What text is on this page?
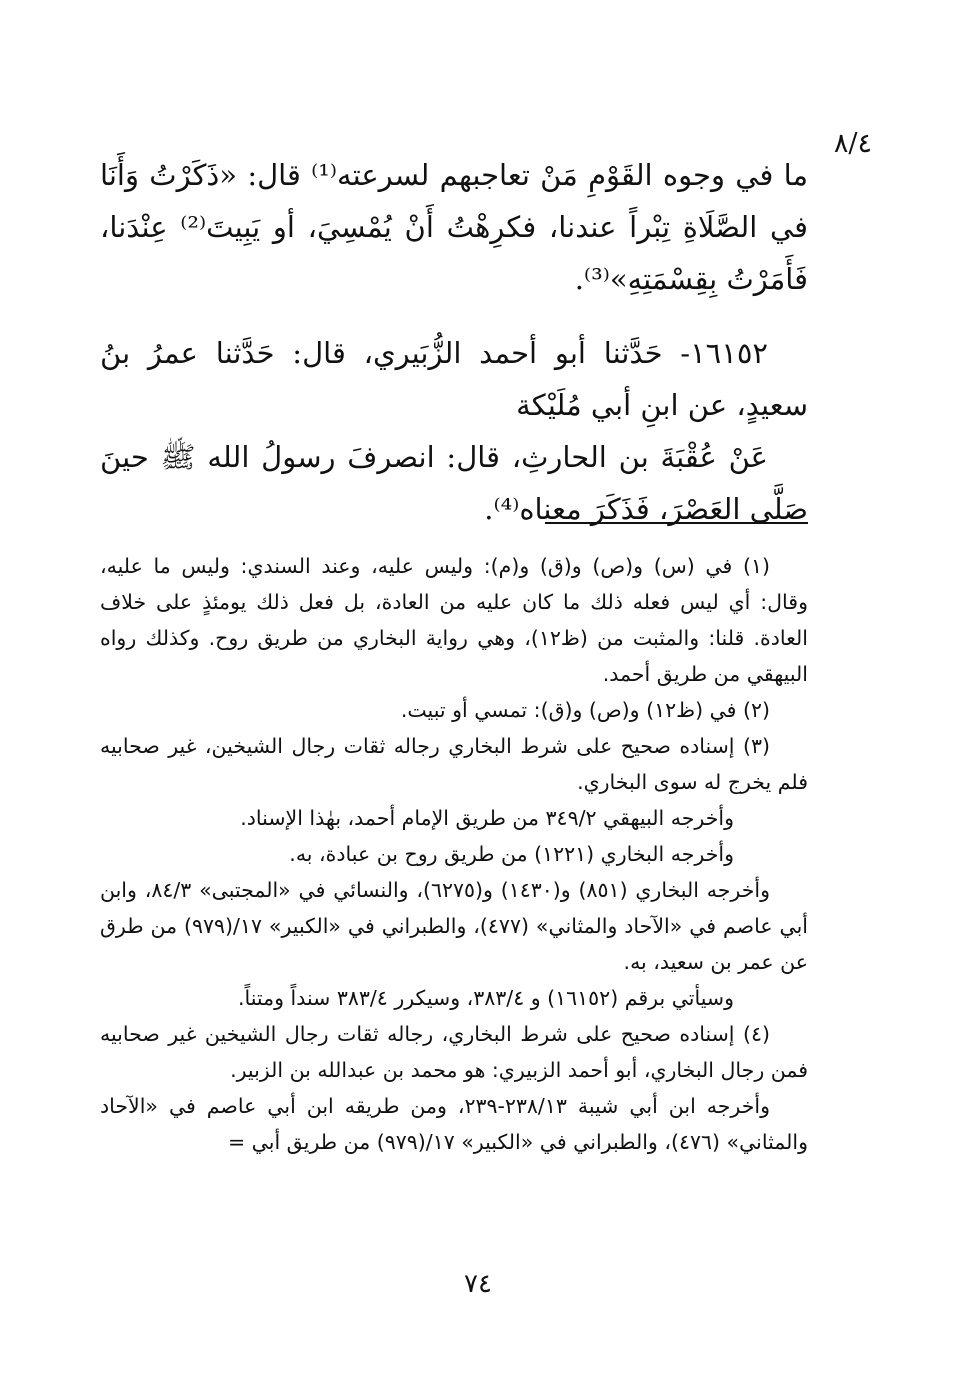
٨/٤

ما في وجوه القَوْمِ مَنْ تعاجبهم لسرعته⁽¹⁾ قال: «ذَكَرْتُ وَأَنَا في الصَّلَاةِ تِبْراً عندنا، فكرِهْتُ أَنْ يُمْسِيَ، أو يَبِيتَ⁽²⁾ عِنْدَنا، فَأَمَرْتُ بِقِسْمَتِهِ»⁽³⁾.

١٦١٥٢- حَدَّثنا أبو أحمد الزُّبَيري، قال: حَدَّثنا عمرُ بنُ سعيدٍ، عن ابنِ أبي مُلَيْكة

عَنْ عُقْبَةَ بن الحارثِ، قال: انصرفَ رسولُ الله ﷺ حينَ صَلَّى العَصْرَ، فَذَكَرَ معناه⁽⁴⁾.

(١) في (س) و(ص) و(ق) و(م): وليس عليه، وعند السندي: وليس ما عليه، وقال: أي ليس فعله ذلك ما كان عليه من العادة، بل فعل ذلك يومئذٍ على خلاف العادة. قلنا: والمثبت من (ظ١٢)، وهي رواية البخاري من طريق روح. وكذلك رواه البيهقي من طريق أحمد.

(٢) في (ظ١٢) و(ص) و(ق): تمسي أو تبيت.

(٣) إسناده صحيح على شرط البخاري رجاله ثقات رجال الشيخين، غير صحابيه فلم يخرج له سوى البخاري.

وأخرجه البيهقي ٣٤٩/٢ من طريق الإمام أحمد، بهٰذا الإسناد.

وأخرجه البخاري (١٢٢١) من طريق روح بن عبادة، به.

وأخرجه البخاري (٨٥١) و(١٤٣٠) و(٦٢٧٥)، والنسائي في «المجتبى» ٨٤/٣، وابن أبي عاصم في «الآحاد والمثاني» (٤٧٧)، والطبراني في «الكبير» ١٧/(٩٧٩) من طرق عن عمر بن سعيد، به.

وسيأتي برقم (١٦١٥٢) و ٣٨٣/٤، وسيكرر ٣٨٣/٤ سنداً ومتناً.

(٤) إسناده صحيح على شرط البخاري، رجاله ثقات رجال الشيخين غير صحابيه فمن رجال البخاري، أبو أحمد الزبيري: هو محمد بن عبدالله بن الزبير.

وأخرجه ابن أبي شيبة ٢٣٨/١٣-٢٣٩، ومن طريقه ابن أبي عاصم في «الآحاد والمثاني» (٤٧٦)، والطبراني في «الكبير» ١٧/(٩٧٩) من طريق أبي =

٧٤
